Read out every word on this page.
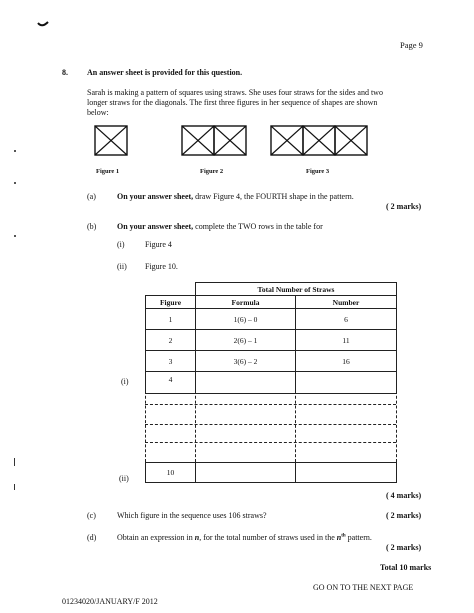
Page 9
8. An answer sheet is provided for this question.
Sarah is making a pattern of squares using straws. She uses four straws for the sides and two
longer straws for the diagonals. The first three figures in her sequence of shapes are shown
below:
Figure 1	Figure 2	Figure 3
(a)	On your answer sheet, draw Figure 4, the FOURTH shape in the pattern.
( 2 marks)
(b)	On your answer sheet, complete the TWO rows in the table for
(i)	Figure 4
(ii) Figure 10.
	Total Number of Straws	
Figure	Formula	Number
1	1(6) – 0	6
2	2(6) – 1	11
3	3(6) – 2	16
4		
10		
(i)
(ii)
( 4 marks)
(c)	Which figure in the sequence uses 106 straws?	( 2 marks)
(d)	Obtain an expression in n, for the total number of straws used in the $n^{th}$ pattern.
( 2 marks)
Total 10 marks
GO ON TO THE NEXT PAGE
01234020/JANUARY/F 2012
